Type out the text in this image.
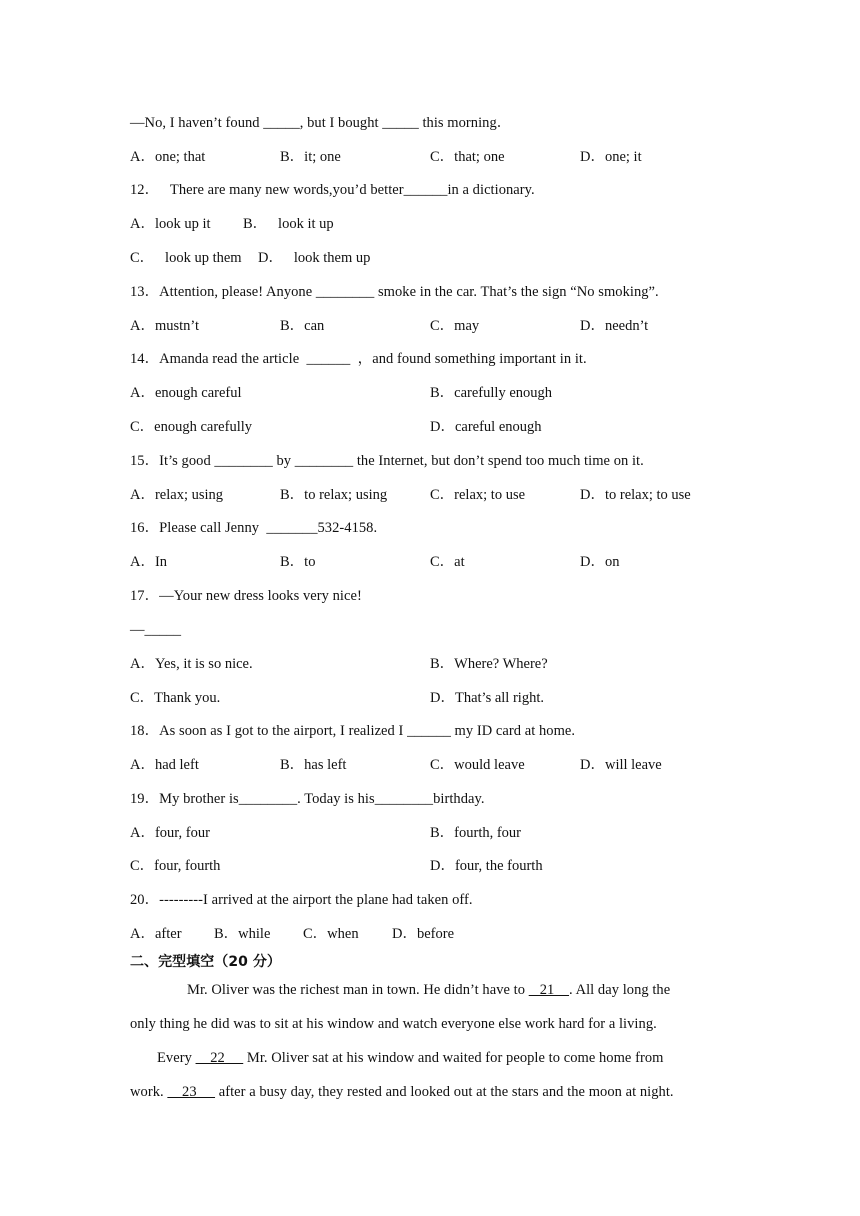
—No, I haven’t found _____, but I bought _____ this morning．
A．one; that	B．it; one	C．that; one	D．one; it
12．   There are many new words,you’d better______in a dictionary.
A．look up it B．   look it up
C．   look up them D．   look them up
13．Attention, please! Anyone ________ smoke in the car. That’s the sign “No smoking”.
A．mustn’t	B．can	C．may	D．needn’t
14．Amanda read the article  ______  ，and found something important in it.
A．enough careful	B．carefully enough
C．enough carefully	D．careful enough
15．It’s good ________ by ________ the Internet, but don’t spend too much time on it.
A．relax; using	B．to relax; using	C．relax; to use	D．to relax; to use
16．Please call Jenny  _______532-4158.
A．In	B．to	C．at	D．on
17．—Your new dress looks very nice!
—_____
A．Yes, it is so nice.	B．Where? Where?
C．Thank you.	D．That’s all right.
18．As soon as I got to the airport, I realized I ______ my ID card at home.
A．had left	B．has left	C．would leave	D．will leave
19．My brother is________. Today is his________birthday.
A．four, four	B．fourth, four
C．four, fourth	D．four, the fourth
20．---------I arrived at the airport the plane had taken off.
A．after B．while C．when D．before
二、完型填空（20 分）
Mr. Oliver was the richest man in town. He didn’t have to    21    . All day long the
only thing he did was to sit at his window and watch everyone else work hard for a living.
Every     22      Mr. Oliver sat at his window and waited for people to come home from
work.     23      after a busy day, they rested and looked out at the stars and the moon at night.
